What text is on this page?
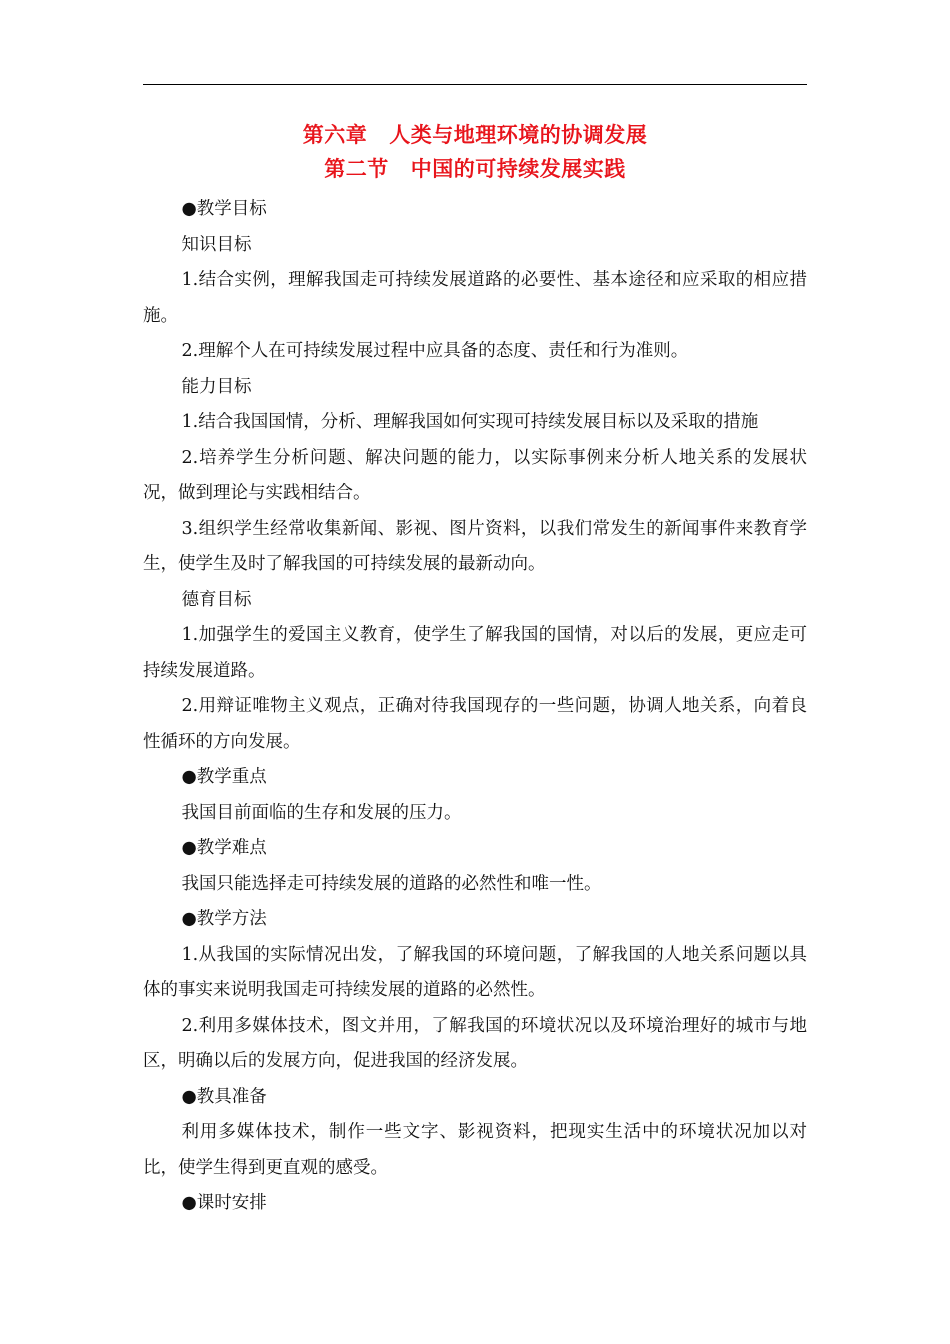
第六章 人类与地理环境的协调发展

第二节 中国的可持续发展实践

●教学目标

知识目标

1.结合实例，理解我国走可持续发展道路的必要性、基本途径和应采取的相应措施。

2.理解个人在可持续发展过程中应具备的态度、责任和行为准则。

能力目标

1.结合我国国情，分析、理解我国如何实现可持续发展目标以及采取的措施

2.培养学生分析问题、解决问题的能力，以实际事例来分析人地关系的发展状况，做到理论与实践相结合。

3.组织学生经常收集新闻、影视、图片资料，以我们常发生的新闻事件来教育学生，使学生及时了解我国的可持续发展的最新动向。

德育目标

1.加强学生的爱国主义教育，使学生了解我国的国情，对以后的发展，更应走可持续发展道路。

2.用辩证唯物主义观点，正确对待我国现存的一些问题，协调人地关系，向着良性循环的方向发展。

●教学重点

我国目前面临的生存和发展的压力。

●教学难点

我国只能选择走可持续发展的道路的必然性和唯一性。

●教学方法

1.从我国的实际情况出发，了解我国的环境问题，了解我国的人地关系问题以具体的事实来说明我国走可持续发展的道路的必然性。

2.利用多媒体技术，图文并用，了解我国的环境状况以及环境治理好的城市与地区，明确以后的发展方向，促进我国的经济发展。

●教具准备

利用多媒体技术，制作一些文字、影视资料，把现实生活中的环境状况加以对比，使学生得到更直观的感受。

●课时安排
